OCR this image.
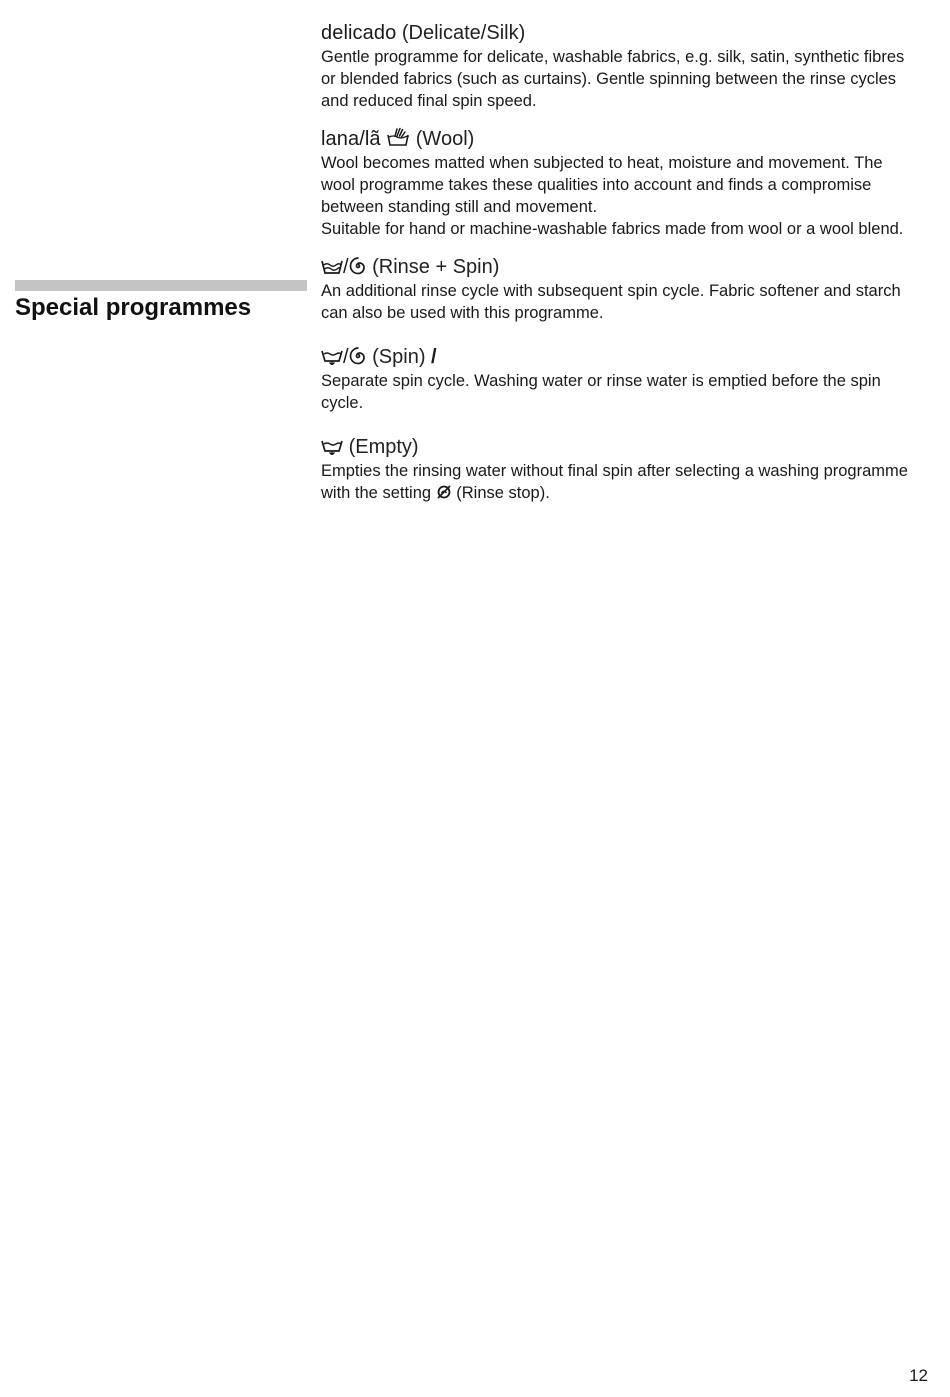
Special programmes
delicado (Delicate/Silk)

Gentle programme for delicate, washable fabrics, e.g. silk, satin, synthetic fibres or blended fabrics (such as curtains). Gentle spinning between the rinse cycles and reduced final spin speed.

lana/lã (Wool)

Wool becomes matted when subjected to heat, moisture and movement. The wool programme takes these qualities into account and finds a compromise between standing still and movement.

Suitable for hand or machine-washable fabrics made from wool or a wool blend.

/ (Rinse + Spin)

An additional rinse cycle with subsequent spin cycle. Fabric softener and starch can also be used with this programme.

/ (Spin) /

Separate spin cycle. Washing water or rinse water is emptied before the spin cycle.

(Empty)

Empties the rinsing water without final spin after selecting a washing programme with the setting (Rinse stop).

12
